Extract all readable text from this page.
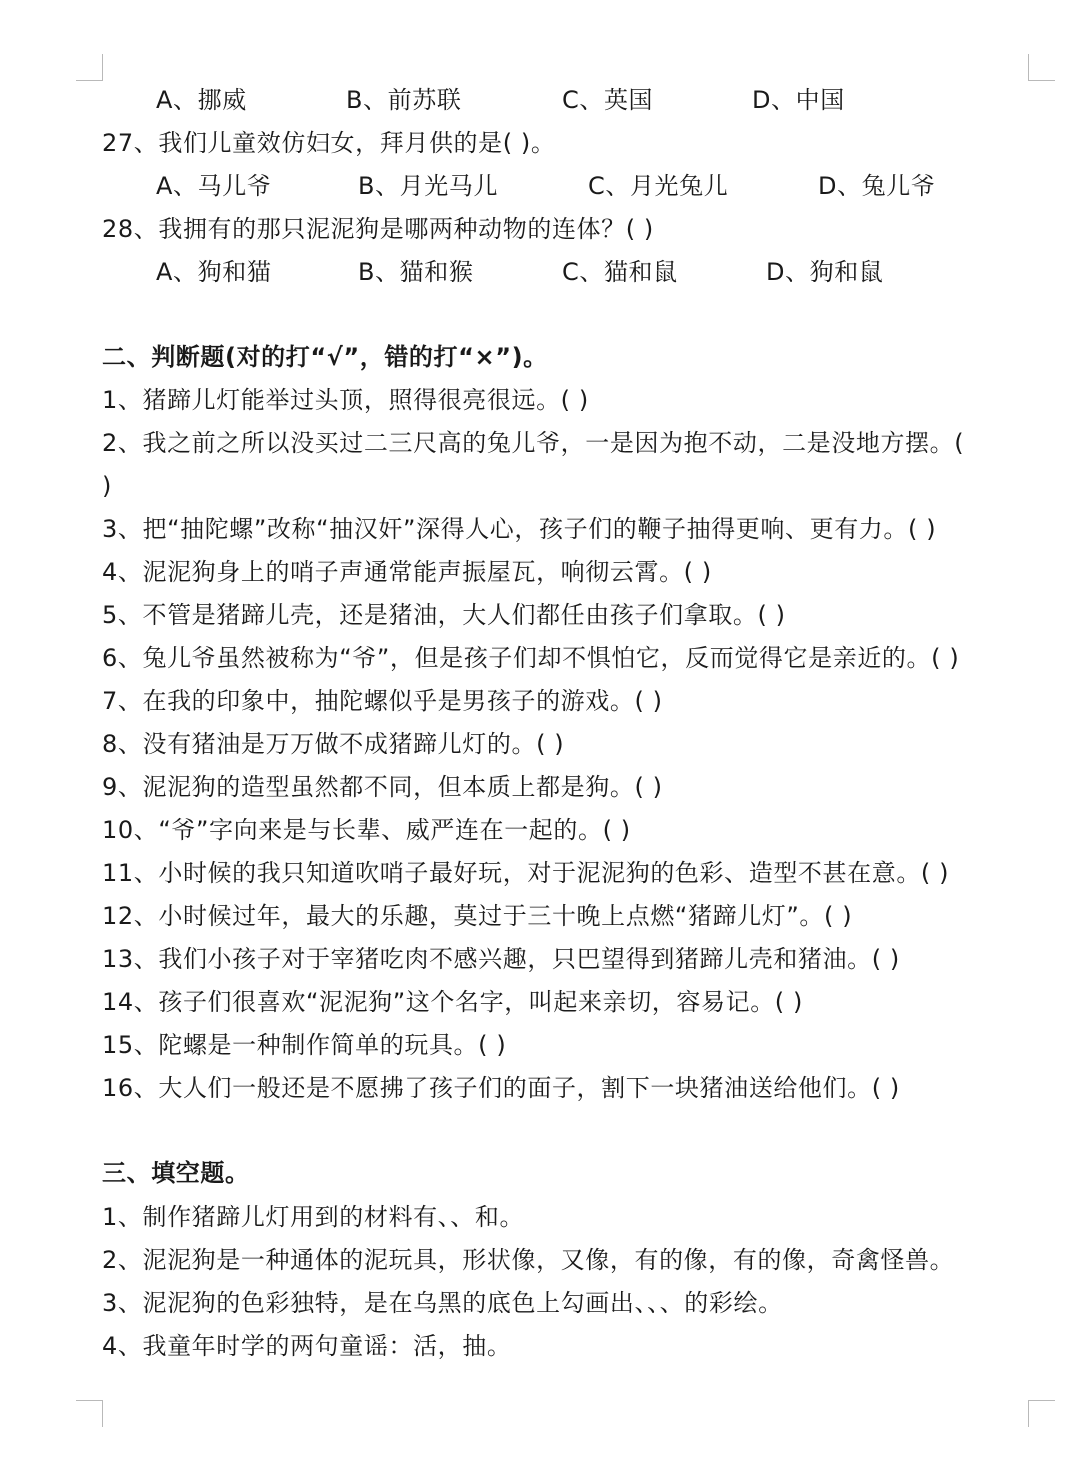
A、挪威	B、前苏联	C、英国	D、中国
27、我们儿童效仿妇女，拜月供的是( )。
A、马儿爷	B、月光马儿	C、月光兔儿	D、兔儿爷
28、我拥有的那只泥泥狗是哪两种动物的连体？( )
A、狗和猫	B、猫和猴	C、猫和鼠	D、狗和鼠
二、判断题(对的打“√”，错的打“×”)。
1、猪蹄儿灯能举过头顶，照得很亮很远。( )
2、我之前之所以没买过二三尺高的兔儿爷，一是因为抱不动，二是没地方摆。(
)
3、把“抽陀螺”改称“抽汉奸”深得人心，孩子们的鞭子抽得更响、更有力。( )
4、泥泥狗身上的哨子声通常能声振屋瓦，响彻云霄。( )
5、不管是猪蹄儿壳，还是猪油，大人们都任由孩子们拿取。( )
6、兔儿爷虽然被称为“爷”，但是孩子们却不惧怕它，反而觉得它是亲近的。( )
7、在我的印象中，抽陀螺似乎是男孩子的游戏。( )
8、没有猪油是万万做不成猪蹄儿灯的。( )
9、泥泥狗的造型虽然都不同，但本质上都是狗。( )
10、“爷”字向来是与长辈、威严连在一起的。( )
11、小时候的我只知道吹哨子最好玩，对于泥泥狗的色彩、造型不甚在意。( )
12、小时候过年，最大的乐趣，莫过于三十晚上点燃“猪蹄儿灯”。( )
13、我们小孩子对于宰猪吃肉不感兴趣，只巴望得到猪蹄儿壳和猪油。( )
14、孩子们很喜欢“泥泥狗”这个名字，叫起来亲切，容易记。( )
15、陀螺是一种制作简单的玩具。( )
16、大人们一般还是不愿拂了孩子们的面子，割下一块猪油送给他们。( )
三、填空题。
1、制作猪蹄儿灯用到的材料有、、和。
2、泥泥狗是一种通体的泥玩具，形状像，又像，有的像，有的像，奇禽怪兽。
3、泥泥狗的色彩独特，是在乌黑的底色上勾画出、、、的彩绘。
4、我童年时学的两句童谣：活，抽。
